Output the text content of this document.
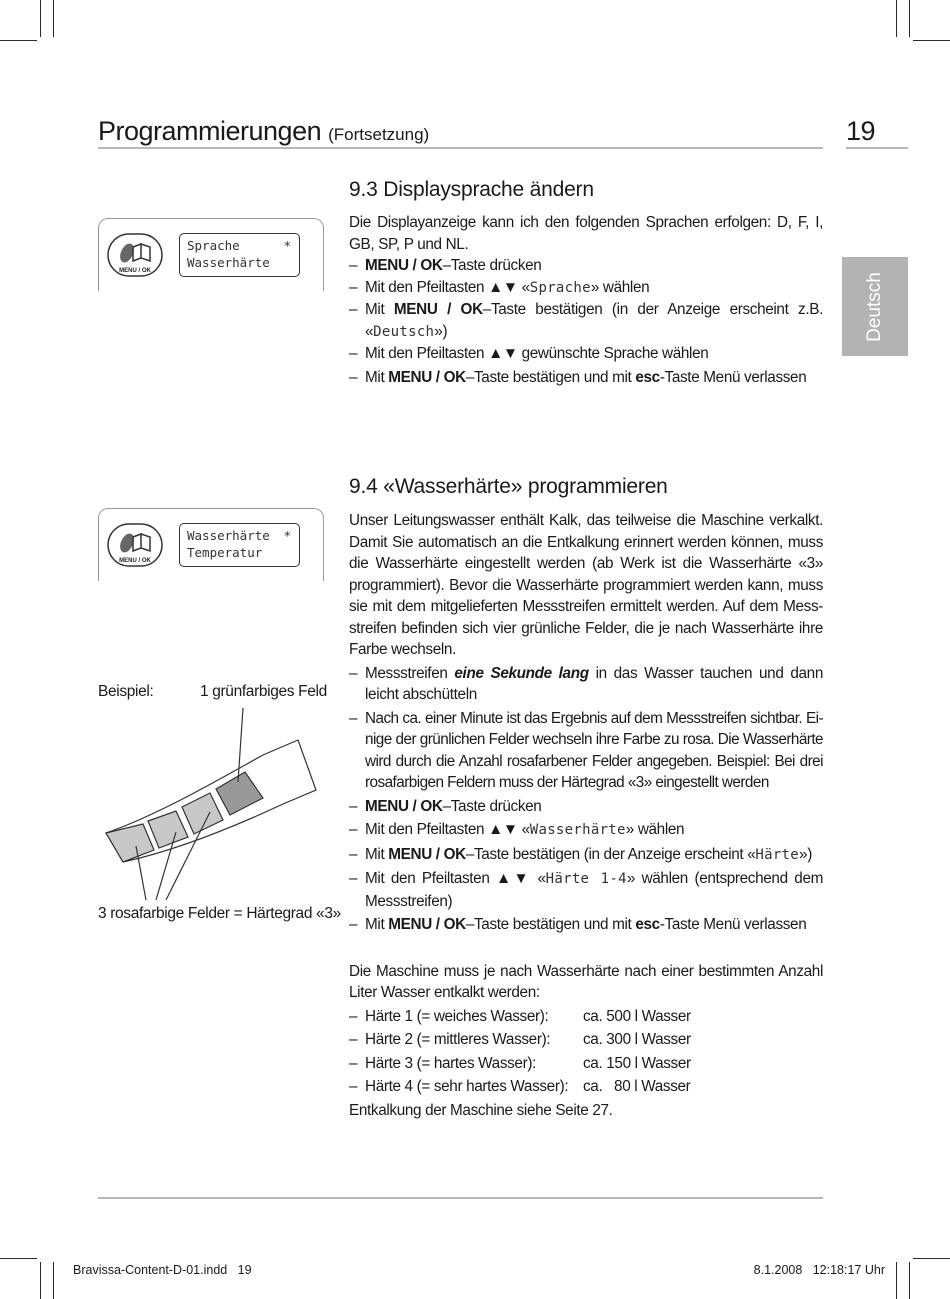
Programmierungen (Fortsetzung)	19
Deutsch
9.3 Displaysprache ändern
MENU / OK
Sprache	*
Wasserhärte

Die Displayanzeige kann ich den folgenden Sprachen erfolgen: D, F, I, GB, SP, P und NL.

– MENU / OK–Taste drücken
– Mit den Pfeiltasten ▲▼ «Sprache» wählen
– Mit MENU / OK–Taste bestätigen (in der Anzeige erscheint z.B. «Deutsch»)
– Mit den Pfeiltasten ▲▼ gewünschte Sprache wählen
– Mit MENU / OK–Taste bestätigen und mit esc-Taste Menü verlassen
9.4 «Wasserhärte» programmieren
MENU / OK
Wasserhärte *
Temperatur
Beispiel:	1 grünfarbiges Feld
3 rosafarbige Felder = Härtegrad «3»

Unser Leitungswasser enthält Kalk, das teilweise die Maschine verkalkt. Damit Sie automatisch an die Entkalkung erinnert werden können, muss die Wasserhärte eingestellt werden (ab Werk ist die Wasserhärte «3» programmiert). Bevor die Wasserhärte programmiert werden kann, muss sie mit dem mitgelieferten Messstreifen ermittelt werden. Auf dem Mess-streifen befinden sich vier grünliche Felder, die je nach Wasserhärte ihre Farbe wechseln.

– Messstreifen eine Sekunde lang in das Wasser tauchen und dann leicht abschütteln
– Nach ca. einer Minute ist das Ergebnis auf dem Messstreifen sichtbar. Ei-nige der grünlichen Felder wechseln ihre Farbe zu rosa. Die Wasserhärte wird durch die Anzahl rosafarbener Felder angegeben. Beispiel: Bei drei rosafarbigen Feldern muss der Härtegrad «3» eingestellt werden
– MENU / OK–Taste drücken
– Mit den Pfeiltasten ▲▼ «Wasserhärte» wählen
– Mit MENU / OK–Taste bestätigen (in der Anzeige erscheint «Härte»)
– Mit den Pfeiltasten ▲▼ «Härte 1-4» wählen (entsprechend dem Messstreifen)
– Mit MENU / OK–Taste bestätigen und mit esc-Taste Menü verlassen

Die Maschine muss je nach Wasserhärte nach einer bestimmten Anzahl Liter Wasser entkalkt werden:

– Härte 1 (= weiches Wasser):	ca. 500 l Wasser
– Härte 2 (= mittleres Wasser):	ca. 300 l Wasser
– Härte 3 (= hartes Wasser):	ca. 150 l Wasser
– Härte 4 (= sehr hartes Wasser): ca.   80 l Wasser

Entkalkung der Maschine siehe Seite 27.

Bravissa-Content-D-01.indd   19	8.1.2008   12:18:17 Uhr
